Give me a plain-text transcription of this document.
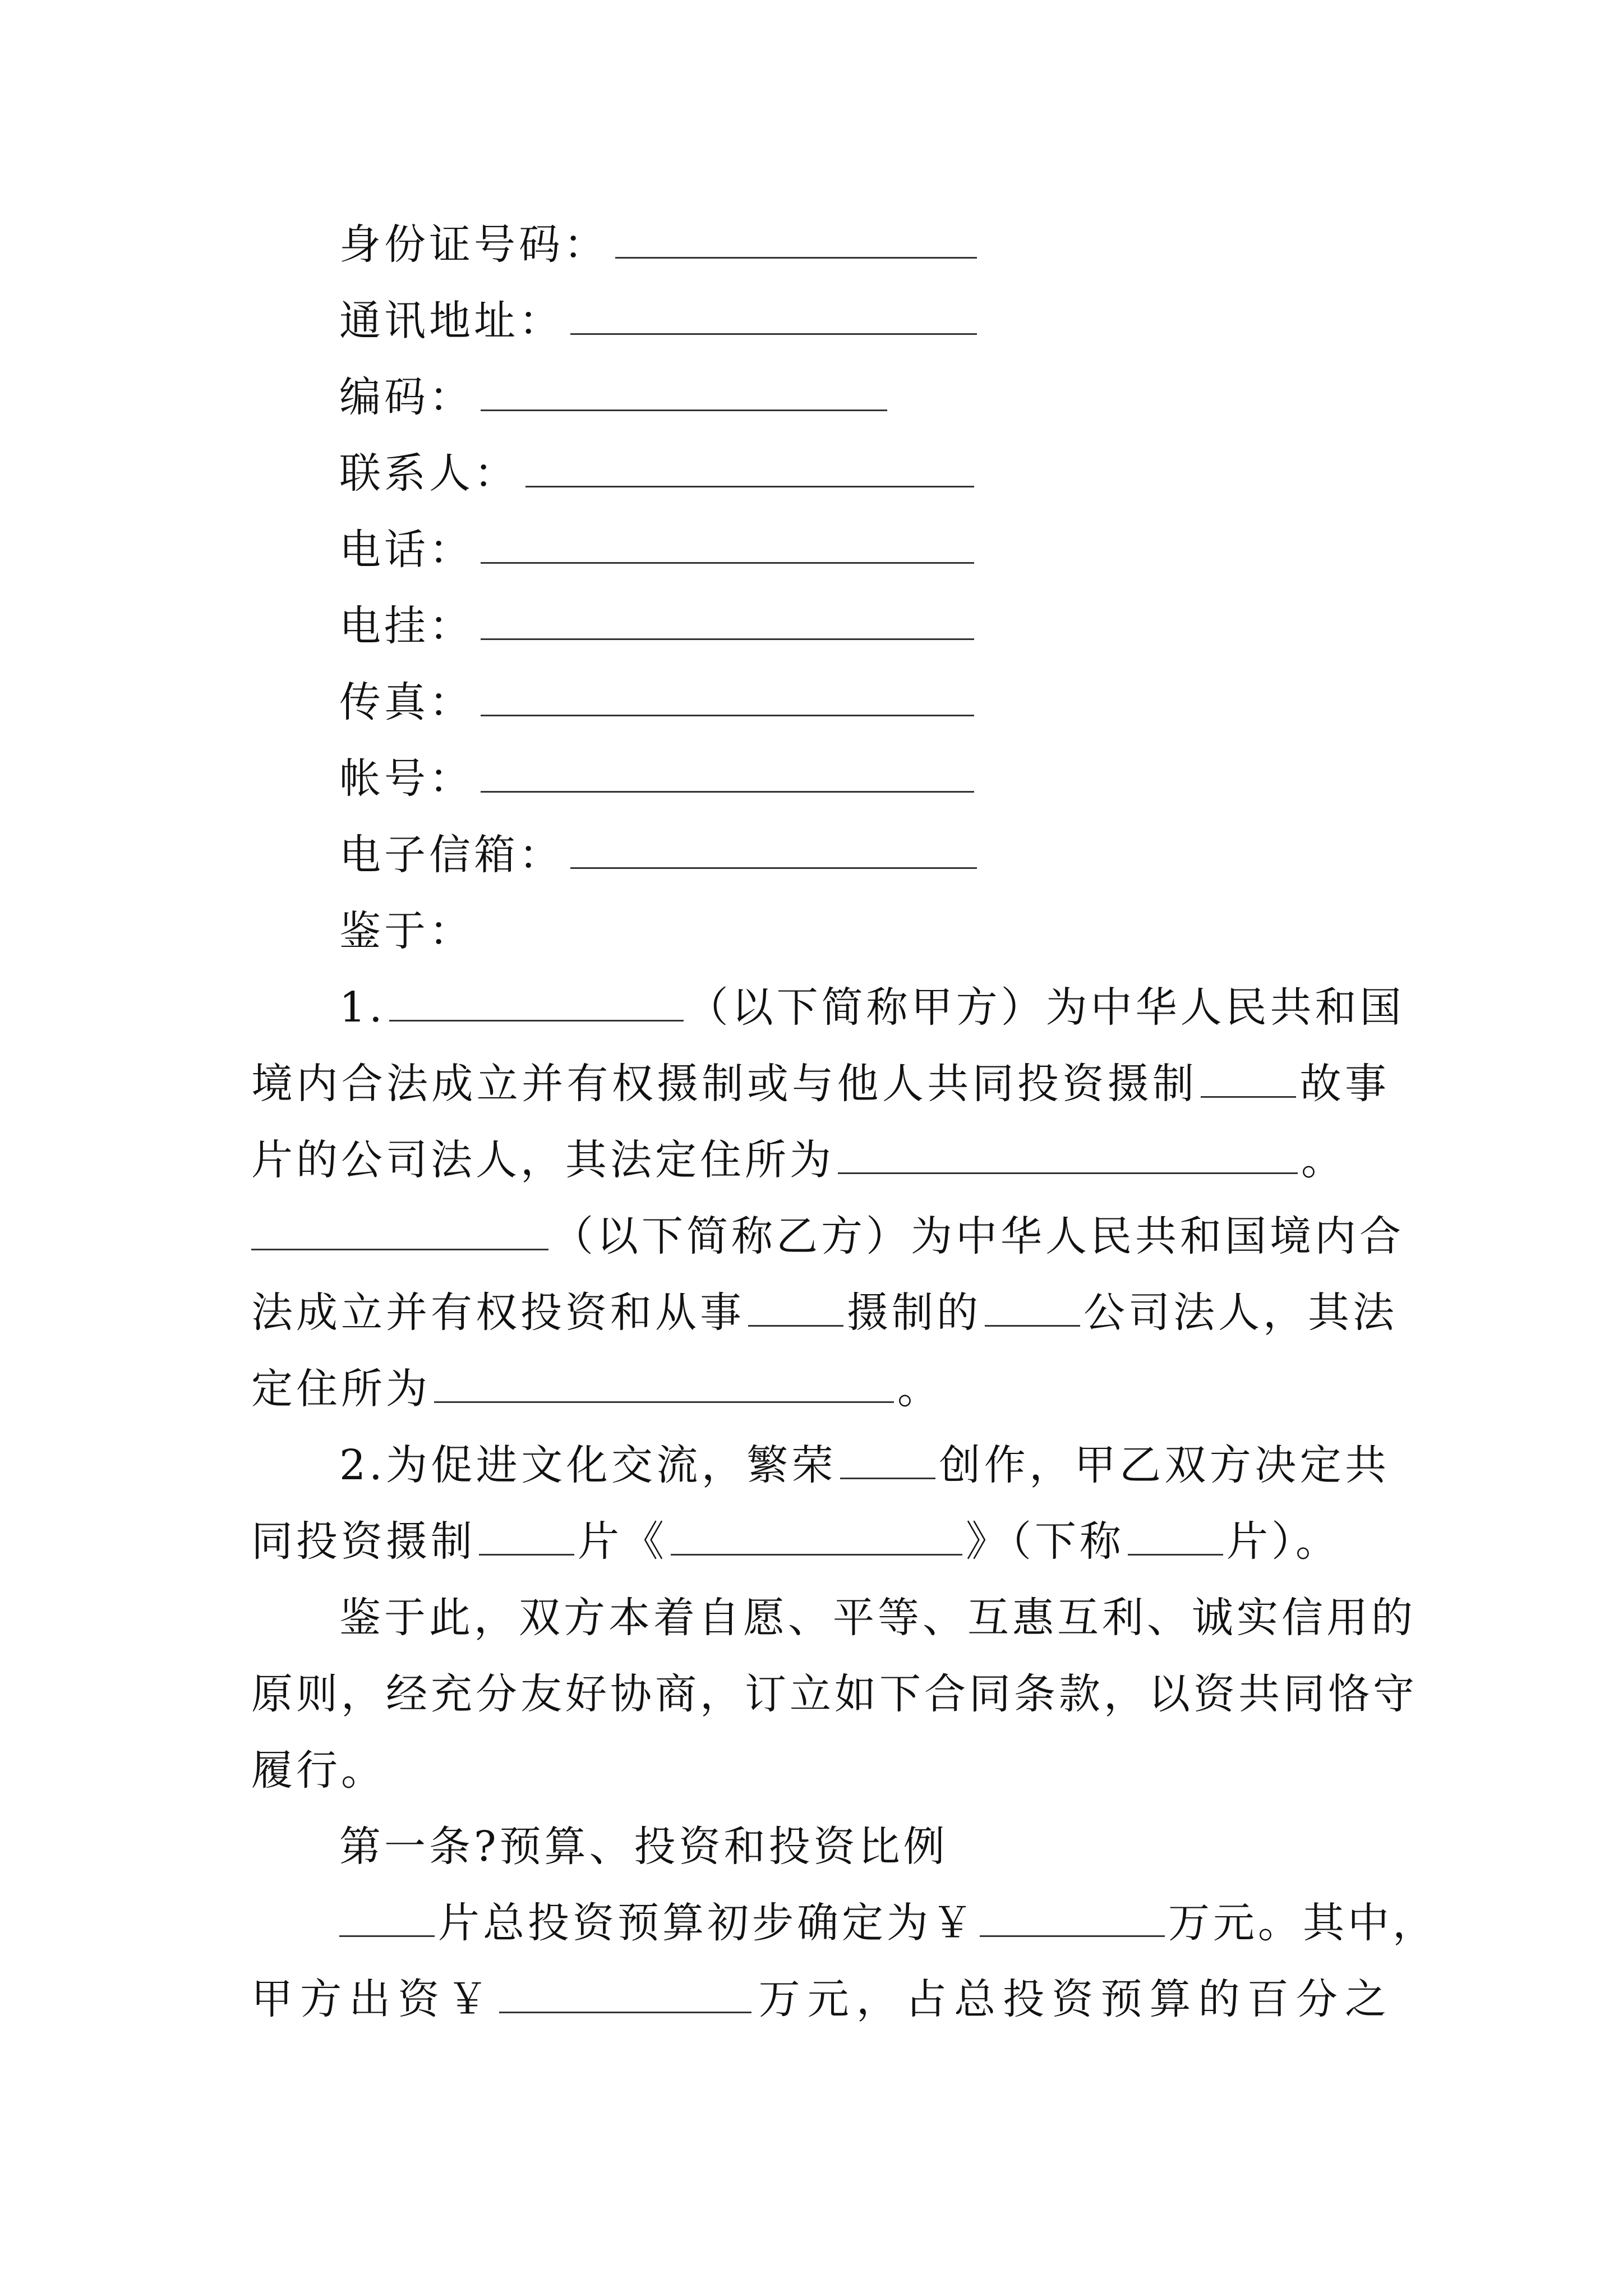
身份证号码：
通讯地址：
编码：
联系人：
电话：
电挂：
传真：
帐号：
电子信箱：
鉴于：
1.	（以下简称甲方）为中华人民共和国
境内合法成立并有权摄制或与他人共同投资摄制 故事
片的公司法人，其法定住所为	。
（以下简称乙方）为中华人民共和国境内合
法成立并有权投资和从事 摄制的 公司法人，其法
定住所为	。
2.为促进文化交流，繁荣 创作，甲乙双方决定共
同投资摄制 片《	》（下称 片）。
鉴于此，双方本着自愿、平等、互惠互利、诚实信用的
原则，经充分友好协商，订立如下合同条款，以资共同恪守
履行。
第一条?预算、投资和投资比例
片总投资预算初步确定为￥	万元。其中，
甲方出资￥	万元，占总投资预算的百分之
